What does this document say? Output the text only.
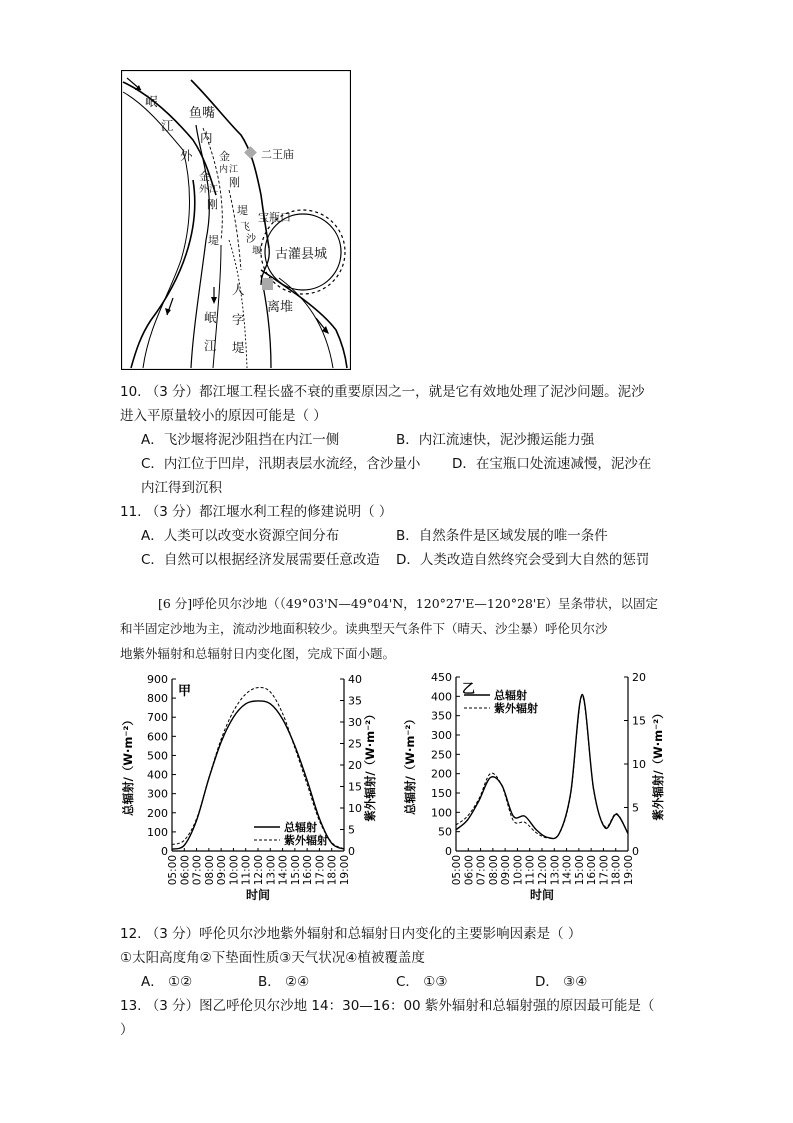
岷
江
鱼嘴
内
外
金
外 江
刚
堤
金
内 江
刚
二王庙
堤
飞
沙
堰
宝瓶口
古灌县城
人
字
堤
岷
江
离堆
10. （3 分）都江堰工程长盛不衰的重要原因之一，就是它有效地处理了泥沙问题。泥沙
进入平原量较小的原因可能是（ ）
A．飞沙堰将泥沙阻挡在内江一侧	B．内江流速快，泥沙搬运能力强
C．内江位于凹岸，汛期表层水流经，含沙量小 D．在宝瓶口处流速减慢，泥沙在
内江得到沉积
11. （3 分）都江堰水利工程的修建说明（ ）
A．人类可以改变水资源空间分布	B．自然条件是区域发展的唯一条件
C．自然可以根据经济发展需要任意改造 D．人类改造自然终究会受到大自然的惩罚
[6 分]呼伦贝尔沙地（（49°03'N—49°04'N，120°27'E—120°28'E）呈条带状，以固定
和半固定沙地为主，流动沙地面积较少。读典型天气条件下（晴天、沙尘暴）呼伦贝尔沙
地紫外辐射和总辐射日内变化图，完成下面小题。
0
100
200
300
400
500
600
700
800
900
0
5
10
15
20
25
30
35
40
05:00 06:00 07:00 08:00 09:00 10:00 11:00 12:00 13:00 14:00 15:00 16:00 17:00 18:00 19:00
时间
总辐射/（W·m⁻²）	紫外辐射/（W·m⁻²）
甲
总辐射
紫外辐射
0
50
100
150
200
250
300
350
400
450
0
5
10
15
20
05:00 06:00 07:00 08:00 09:00 10:00 11:00 12:00 13:00 14:00 15:00 16:00 17:00 18:00 19:00
时间
总辐射/（W·m⁻²）	紫外辐射/（W·m⁻²）
乙 总辐射
紫外辐射
12. （3 分）呼伦贝尔沙地紫外辐射和总辐射日内变化的主要影响因素是（ ）
①太阳高度角②下垫面性质③天气状况④植被覆盖度
A． ①②	B． ②④	C． ①③	D． ③④
13. （3 分）图乙呼伦贝尔沙地 14：30—16：00 紫外辐射和总辐射强的原因最可能是（
）
